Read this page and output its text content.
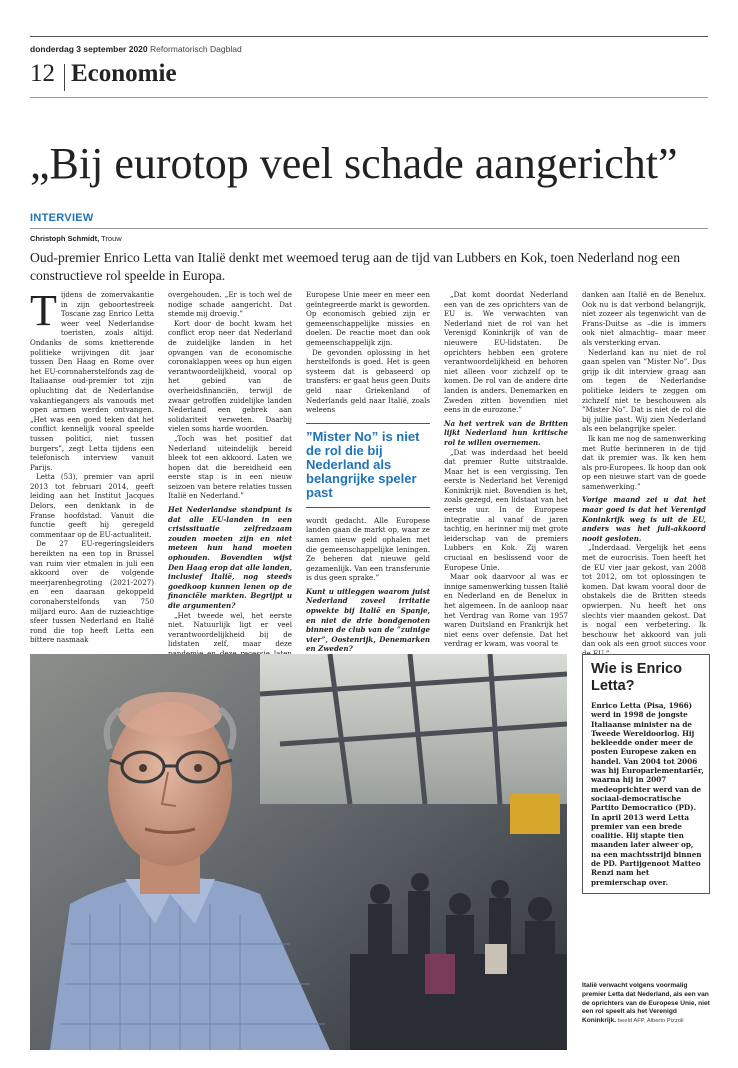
donderdag 3 september 2020 Reformatorisch Dagblad
12 Economie
„Bij eurotop veel schade aangericht”
INTERVIEW
Christoph Schmidt, Trouw
Oud-premier Enrico Letta van Italië denkt met weemoed terug aan de tijd van Lubbers en Kok, toen Nederland nog een constructieve rol speelde in Europa.
T ijdens de zomervakantie in zijn geboortestreek Toscane zag Enrico Letta weer veel Nederlandse toeristen, zoals altijd. Ondanks de soms knetterende politieke wrijvingen dit jaar tussen Den Haag en Rome over het EU-coronaherstelfonds zag de Italiaanse oud-premier tot zijn opluchting dat de Nederlandse vakantiegangers als vanouds met open armen werden ontvangen. „Het was een goed teken dat het conflict kennelijk vooral speelde tussen politici, niet tussen burgers”, zegt Letta tijdens een telefonisch interview vanuit Parijs.

Letta (53), premier van april 2013 tot februari 2014, geeft leiding aan het Institut Jacques Delors, een denktank in de Franse hoofdstad. Vanuit die functie geeft hij geregeld commentaar op de EU-actualiteit.

De 27 EU-regeringsleiders bereikten na een top in Brussel van ruim vier etmalen in juli een akkoord over de volgende meerjarenbegroting (2021-2027) en een daaraan gekoppeld coronaherstelfonds van 750 miljard euro. Aan de ruzieachtige sfeer tussen Nederland en Italië rond die top heeft Letta een bittere nasmaak

overgehouden. „Er is toch wel de nodige schade aangericht. Dat stemde mij droevig.”

Kort door de bocht kwam het conflict erop neer dat Nederland de zuidelijke landen in het opvangen van de economische coronaklappen wees op hun eigen verantwoordelijkheid, vooral op het gebied van de overheidsfinanciën, terwijl de zwaar getroffen zuidelijke landen Nederland een gebrek aan solidariteit verweten. Daarbij vielen soms harde woorden.

„Toch was het positief dat Nederland uiteindelijk bereid bleek tot een akkoord. Laten we hopen dat die bereidheid een eerste stap is in een nieuw seizoen van betere relaties tussen Italië en Nederland.”

Het Nederlandse standpunt is dat alle EU-landen in een crisissituatie zelfredzaam zouden moeten zijn en niet meteen hun hand moeten ophouden. Bovendien wijst Den Haag erop dat alle landen, inclusief Italië, nog steeds goedkoop kunnen lenen op de financiële markten. Begrijpt u die argumenten?

„Het tweede wel, het eerste niet. Natuurlijk ligt er veel verantwoordelijkheid bij de lidstaten zelf, maar deze

Europese Unie meer en meer een geïntegreerde markt is geworden. Op economisch gebied zijn er gemeenschappelijke missies en doelen. De reactie moet dan ook gemeenschappelijk zijn.

De gevonden oplossing in het herstelfonds is goed. Het is geen systeem dat is gebaseerd op transfers: er gaat heus geen Duits geld naar Griekenland of Nederlands geld naar Italië, zoals weleens

”Mister No” is niet de rol die bij Nederland als belangrijke speler past

wordt gedacht. Alle Europese landen gaan de markt op, waar ze samen nieuw geld ophalen met die gemeenschappelijke leningen. Ze beheren dat nieuwe geld gezamenlijk. Van een transferunie is dus geen sprake.”

Kunt u uitleggen waarom juist Nederland zoveel irritatie opwekte bij Italië en Spanje, en niet de drie bondgenoten binnen de club van de ”zuinige vier”, Oostenrijk, Denemarken en Zweden?

„Dat komt doordat Nederland een van de zes oprichters van de EU is. We verwachten van Nederland niet de rol van het Verenigd Koninkrijk of van de nieuwere EU-lidstaten. De oprichters hebben een grotere verantwoordelijkheid en behoren niet alleen voor zichzelf op te komen. De rol van de andere drie landen is anders. Denemarken en Zweden zitten bovendien niet eens in de eurozone.”

Na het vertrek van de Britten lijkt Nederland hun kritische rol te willen overnemen.

„Dat was inderdaad het beeld dat premier Rutte uitstraalde. Maar het is een vergissing. Ten eerste is Nederland het Verenigd Koninkrijk niet. Bovendien is het, zoals gezegd, een lidstaat van het eerste uur. In de Europese integratie al vanaf de jaren tachtig, en herinner mij met grote leiderschap van de premiers Lubbers en Kok. Zij waren cruciaal en beslissend voor de Europese Unie.

Maar ook daarvoor al was er innige samenwerking tussen Italië en Nederland en de Benelux in het algemeen. In de aanloop naar het Verdrag van Rome van 1957 waren Duitsland en Frankrijk het niet eens over defensie. Dat het verdrag er kwam, was vooral te

danken aan Italië en de Benelux. Ook nu is dat verbond belangrijk, niet zozeer als tegenwicht van de Frans-Duitse as –die is immers ook niet almachtig– maar meer als versterking ervan.

Nederland kan nu niet de rol gaan spelen van ”Mister No”. Dus grijp ik dit interview graag aan om tegen de Nederlandse politieke leiders te zeggen om zichzelf niet te beschouwen als ”Mister No”. Dat is niet de rol die bij jullie past. Wij zien Nederland als een belangrijke speler.

Ik kan me nog de samenwerking met Rutte herinneren in de tijd dat ik premier was. Ik ken hem als pro-Europees. Ik hoop dan ook op een nieuwe start van de goede samenwerking.”

Vorige maand zei u dat het maar goed is dat het Verenigd Koninkrijk weg is uit de EU, anders was het juli-akkoord nooit gesloten.

„Inderdaad. Vergelijk het eens met de eurocrisis. Toen heeft het de EU vier jaar gekost, van 2008 tot 2012, om tot oplossingen te komen. Dat kwam vooral door de obstakels die de Britten steeds opwierpen. Nu heeft het ons slechts vier maanden gekost. Dat is nogal een verbetering. Ik beschouw het akkoord van juli dan ook als een groot succes voor

Wie is Enrico Letta?
Enrico Letta (Pisa, 1966) werd in 1998 de jongste Italiaanse minister na de Tweede Wereldoorlog. Hij bekleedde onder meer de posten Europese zaken en handel. Van 2004 tot 2006 was hij Europarlementariër, waarna hij in 2007 medeoprichter werd van de sociaal-democratische Partito Democratico (PD). In april 2013 werd Letta premier van een brede coalitie. Hij stapte tien maanden later alweer op, na een machtsstrijd binnen de PD. Partijgenoot Matteo Renzi nam het premierschap over.
Italië verwacht volgens voormalig premier Letta dat Nederland, als een van de oprichters van de Europese Unie, niet een rol speelt als het Verenigd Koninkrijk. beeld AFP, Alberto Pizzoli
